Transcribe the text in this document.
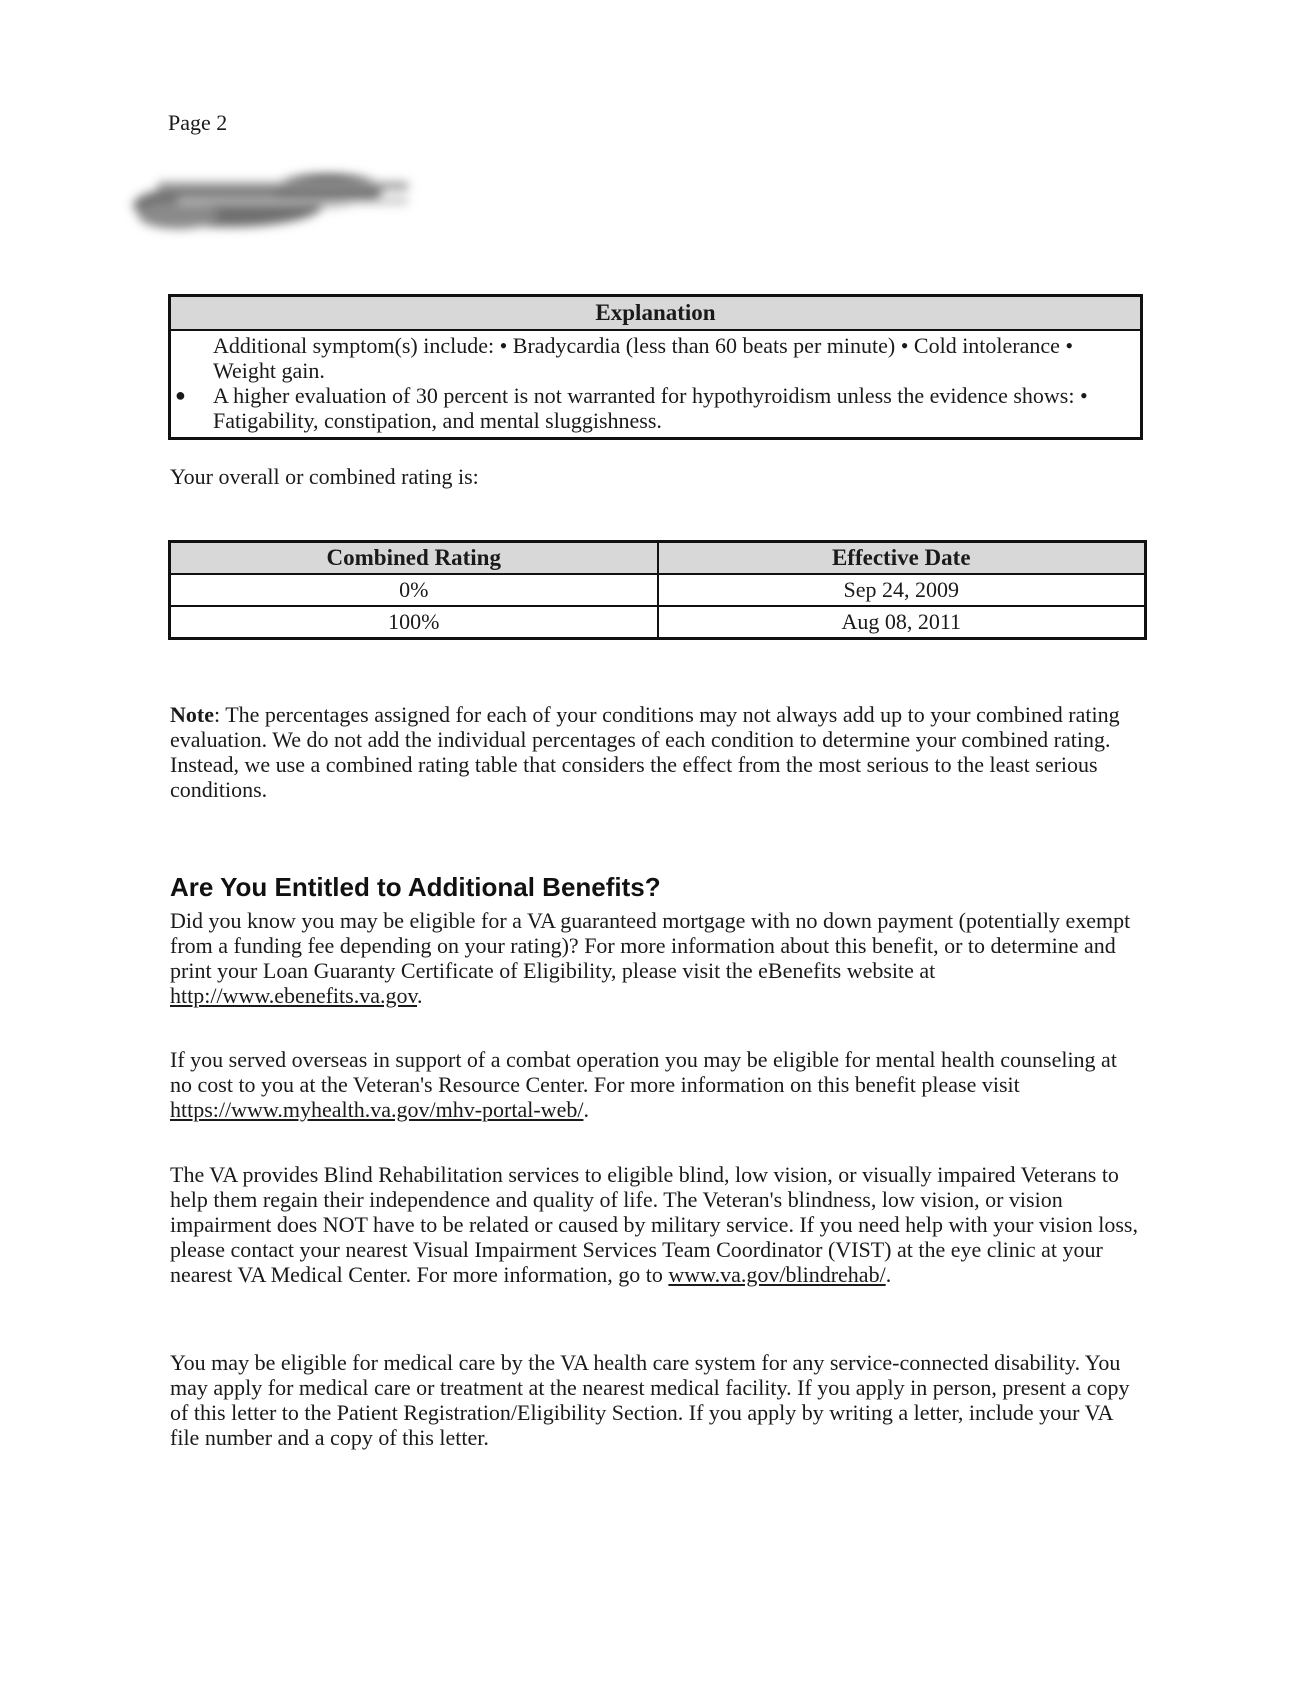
Page 2
Explanation

Additional symptom(s) include: • Bradycardia (less than 60 beats per minute) • Cold intolerance • Weight gain.

● A higher evaluation of 30 percent is not warranted for hypothyroidism unless the evidence shows: • Fatigability, constipation, and mental sluggishness.

Your overall or combined rating is:
Combined Rating	Effective Date
0%	Sep 24, 2009
100%	Aug 08, 2011

Note: The percentages assigned for each of your conditions may not always add up to your combined rating evaluation. We do not add the individual percentages of each condition to determine your combined rating. Instead, we use a combined rating table that considers the effect from the most serious to the least serious conditions.

Are You Entitled to Additional Benefits?

Did you know you may be eligible for a VA guaranteed mortgage with no down payment (potentially exempt from a funding fee depending on your rating)? For more information about this benefit, or to determine and print your Loan Guaranty Certificate of Eligibility, please visit the eBenefits website at http://www.ebenefits.va.gov.

If you served overseas in support of a combat operation you may be eligible for mental health counseling at no cost to you at the Veteran's Resource Center. For more information on this benefit please visit https://www.myhealth.va.gov/mhv-portal-web/.

The VA provides Blind Rehabilitation services to eligible blind, low vision, or visually impaired Veterans to help them regain their independence and quality of life. The Veteran's blindness, low vision, or vision impairment does NOT have to be related or caused by military service. If you need help with your vision loss, please contact your nearest Visual Impairment Services Team Coordinator (VIST) at the eye clinic at your nearest VA Medical Center. For more information, go to www.va.gov/blindrehab/.

You may be eligible for medical care by the VA health care system for any service-connected disability. You may apply for medical care or treatment at the nearest medical facility. If you apply in person, present a copy of this letter to the Patient Registration/Eligibility Section. If you apply by writing a letter, include your VA file number and a copy of this letter.
